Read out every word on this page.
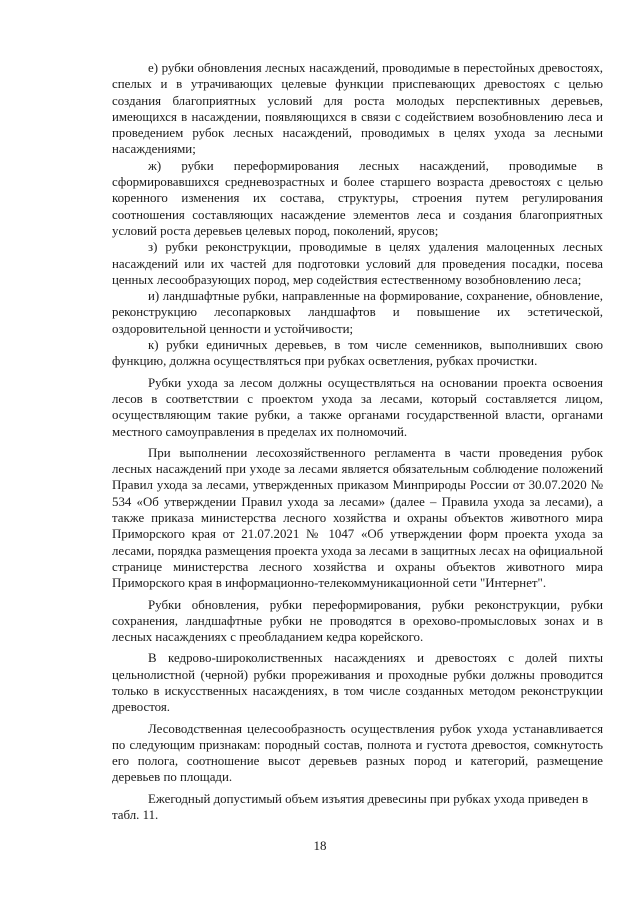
е) рубки обновления лесных насаждений, проводимые в перестойных древостоях, спелых и в утрачивающих целевые функции приспевающих древостоях с целью создания благоприятных условий для роста молодых перспективных деревьев, имеющихся в насаждении, появляющихся в связи с содействием возобновлению леса и проведением рубок лесных насаждений, проводимых в целях ухода за лесными насаждениями;

ж) рубки переформирования лесных насаждений, проводимые в сформировавшихся средневозрастных и более старшего возраста древостоях с целью коренного изменения их состава, структуры, строения путем регулирования соотношения составляющих насаждение элементов леса и создания благоприятных условий роста деревьев целевых пород, поколений, ярусов;

з) рубки реконструкции, проводимые в целях удаления малоценных лесных насаждений или их частей для подготовки условий для проведения посадки, посева ценных лесообразующих пород, мер содействия естественному возобновлению леса;

и) ландшафтные рубки, направленные на формирование, сохранение, обновление, реконструкцию лесопарковых ландшафтов и повышение их эстетической, оздоровительной ценности и устойчивости;

к) рубки единичных деревьев, в том числе семенников, выполнивших свою функцию, должна осуществляться при рубках осветления, рубках прочистки.

Рубки ухода за лесом должны осуществляться на основании проекта освоения лесов в соответствии с проектом ухода за лесами, который составляется лицом, осуществляющим такие рубки, а также органами государственной власти, органами местного самоуправления в пределах их полномочий.

При выполнении лесохозяйственного регламента в части проведения рубок лесных насаждений при уходе за лесами является обязательным соблюдение положений Правил ухода за лесами, утвержденных приказом Минприроды России от 30.07.2020 № 534 «Об утверждении Правил ухода за лесами» (далее – Правила ухода за лесами), а также приказа министерства лесного хозяйства и охраны объектов животного мира Приморского края от 21.07.2021 № 1047 «Об утверждении форм проекта ухода за лесами, порядка размещения проекта ухода за лесами в защитных лесах на официальной странице министерства лесного хозяйства и охраны объектов животного мира Приморского края в информационно-телекоммуникационной сети "Интернет".

Рубки обновления, рубки переформирования, рубки реконструкции, рубки сохранения, ландшафтные рубки не проводятся в орехово-промысловых зонах и в лесных насаждениях с преобладанием кедра корейского.

В кедрово-широколиственных насаждениях и древостоях с долей пихты цельнолистной (черной) рубки прореживания и проходные рубки должны проводится только в искусственных насаждениях, в том числе созданных методом реконструкции древостоя.

Лесоводственная целесообразность осуществления рубок ухода устанавливается по следующим признакам: породный состав, полнота и густота древостоя, сомкнутость его полога, соотношение высот деревьев разных пород и категорий, размещение деревьев по площади.

Ежегодный допустимый объем изъятия древесины при рубках ухода приведен в табл. 11.

18
